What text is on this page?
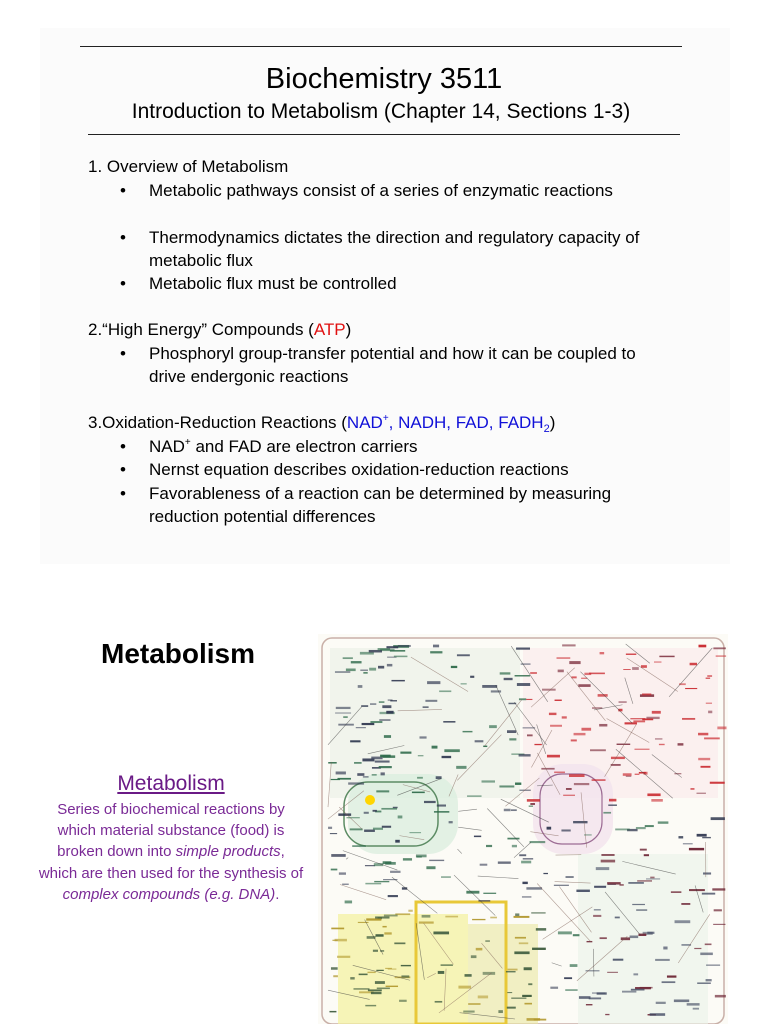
Biochemistry 3511
Introduction to Metabolism (Chapter 14, Sections 1-3)
1. Overview of Metabolism
• Metabolic pathways consist of a series of enzymatic reactions
• Thermodynamics dictates the direction and regulatory capacity of metabolic flux
• Metabolic flux must be controlled
2.“High Energy” Compounds (ATP)
• Phosphoryl group-transfer potential and how it can be coupled to drive endergonic reactions
3.Oxidation-Reduction Reactions (NAD+, NADH, FAD, $FADH_2$)
• NAD+ and FAD are electron carriers
• Nernst equation describes oxidation-reduction reactions
• Favorableness of a reaction can be determined by measuring reduction potential differences
Metabolism
Metabolism
Series of biochemical reactions by which material substance (food) is broken down into simple products, which are then used for the synthesis of complex compounds (e.g. DNA).
